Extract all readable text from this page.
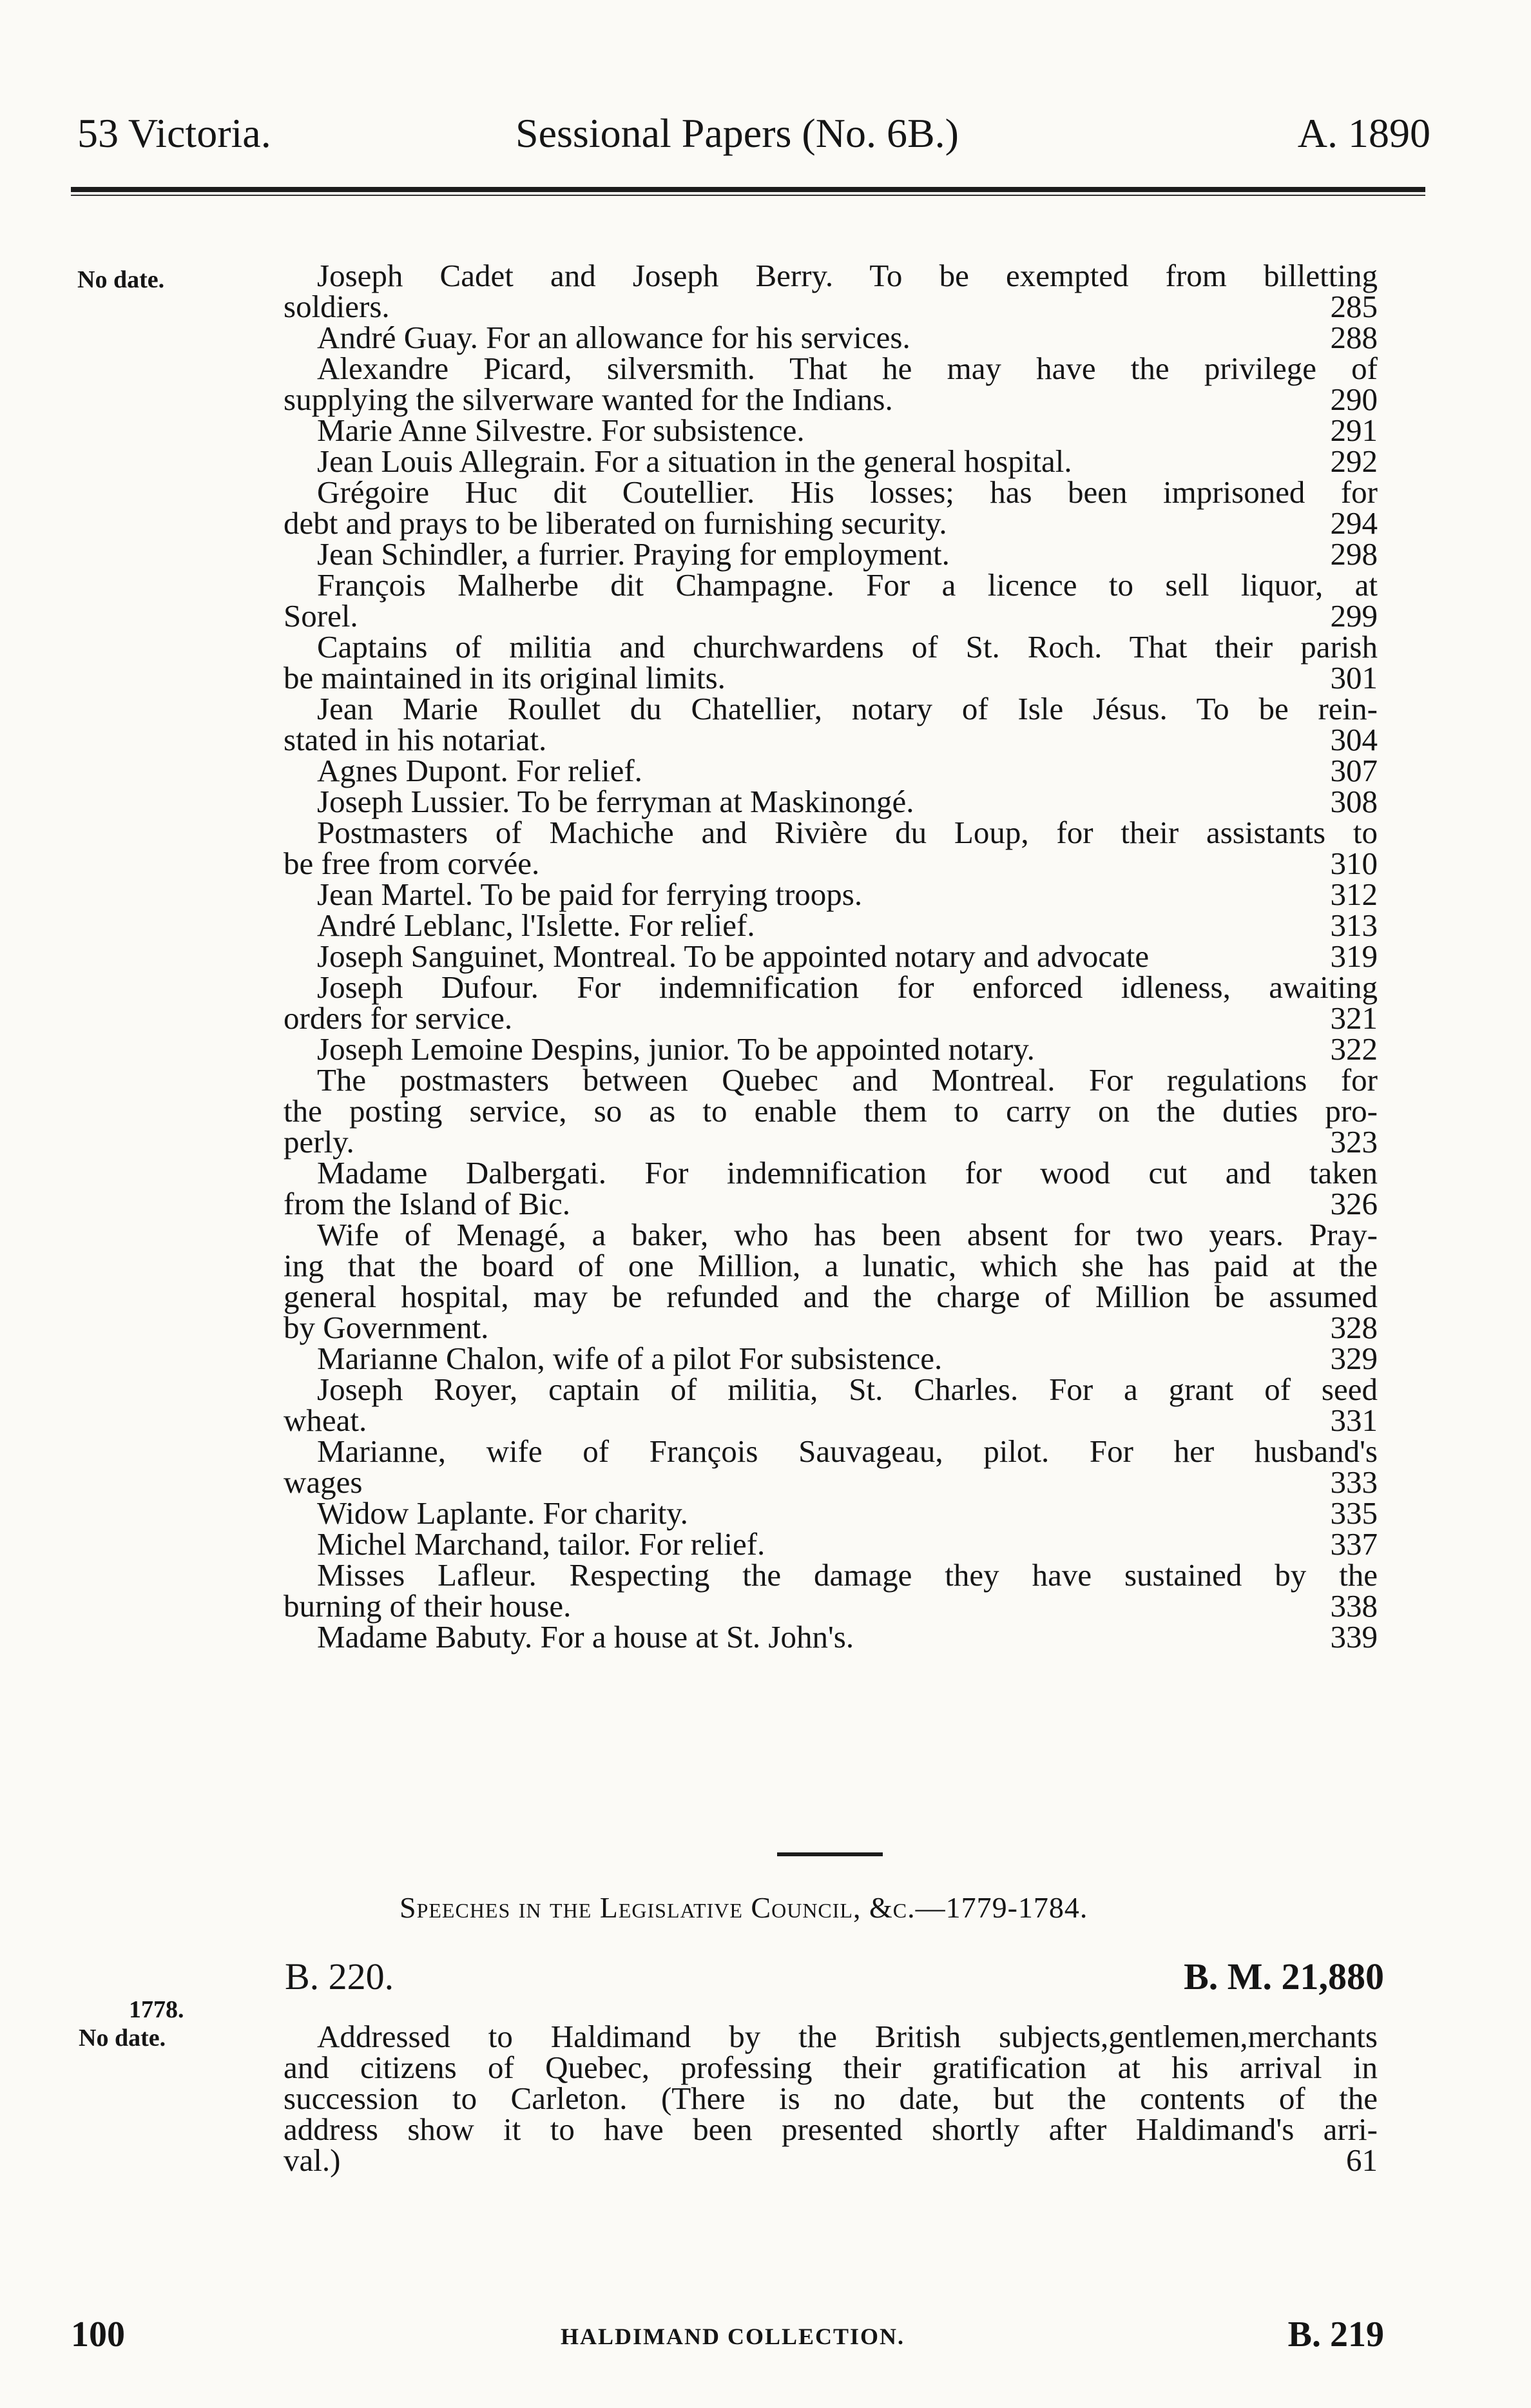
53 Victoria.	Sessional Papers (No. 6B.)	A. 1890
No date.	Joseph Cadet and Joseph Berry. To be exempted from billetting
soldiers.	285
André Guay. For an allowance for his services.	288
Alexandre Picard, silversmith. That he may have the privilege of
supplying the silverware wanted for the Indians.	290
Marie Anne Silvestre. For subsistence.	291
Jean Louis Allegrain. For a situation in the general hospital.	292
Grégoire Huc dit Coutellier. His losses; has been imprisoned for
debt and prays to be liberated on furnishing security.	294
Jean Schindler, a furrier. Praying for employment.	298
François Malherbe dit Champagne. For a licence to sell liquor, at
Sorel.	299
Captains of militia and churchwardens of St. Roch. That their parish
be maintained in its original limits.	301
Jean Marie Roullet du Chatellier, notary of Isle Jésus. To be rein-
stated in his notariat.	304
Agnes Dupont. For relief.	307
Joseph Lussier. To be ferryman at Maskinongé.	308
Postmasters of Machiche and Rivière du Loup, for their assistants to
be free from corvée.	310
Jean Martel. To be paid for ferrying troops.	312
André Leblanc, l'Islette. For relief.	313
Joseph Sanguinet, Montreal. To be appointed notary and advocate	319
Joseph Dufour. For indemnification for enforced idleness, awaiting
orders for service.	321
Joseph Lemoine Despins, junior. To be appointed notary.	322
The postmasters between Quebec and Montreal. For regulations for
the posting service, so as to enable them to carry on the duties pro-
perly.	323
Madame Dalbergati. For indemnification for wood cut and taken
from the Island of Bic.	326
Wife of Menagé, a baker, who has been absent for two years. Pray-
ing that the board of one Million, a lunatic, which she has paid at the
general hospital, may be refunded and the charge of Million be assumed
by Government.	328
Marianne Chalon, wife of a pilot For subsistence.	329
Joseph Royer, captain of militia, St. Charles. For a grant of seed
wheat.	331
Marianne, wife of François Sauvageau, pilot. For her husband's
wages	333
Widow Laplante. For charity.	335
Michel Marchand, tailor. For relief.	337
Misses Lafleur. Respecting the damage they have sustained by the
burning of their house.	338
Madame Babuty. For a house at St. John's.	339
Speeches in the Legislative Council, &c.—1779-1784.
B. 220.	B. M. 21,880
1778.
No date.	Addressed to Haldimand by the British subjects,gentlemen,merchants
and citizens of Quebec, professing their gratification at his arrival in
succession to Carleton. (There is no date, but the contents of the
address show it to have been presented shortly after Haldimand's arri-
val.)	61
100	HALDIMAND COLLECTION.	B. 219
